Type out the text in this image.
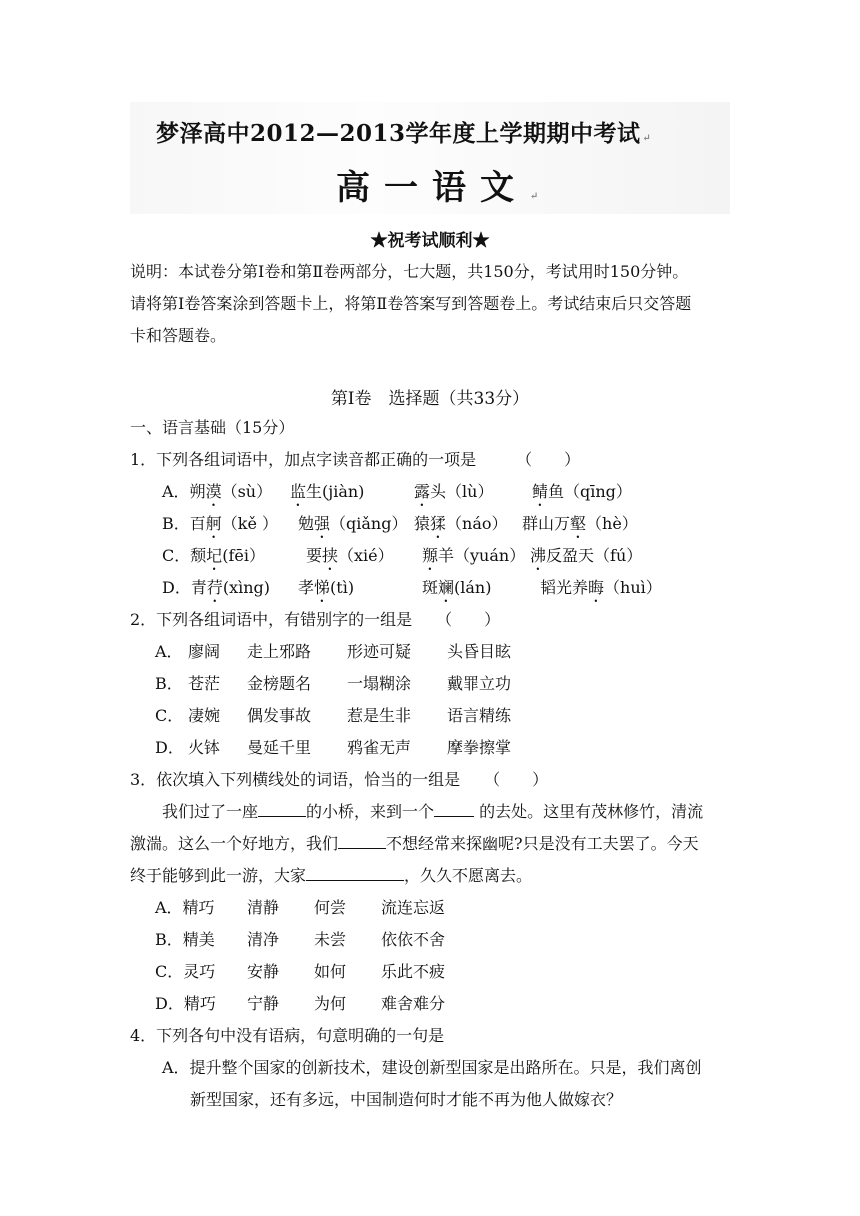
梦泽高中2012—2013学年度上学期期中考试 ↵
高一语文 ↵
★祝考试顺利★
说明：本试卷分第Ⅰ卷和第Ⅱ卷两部分，七大题，共150分，考试用时150分钟。
请将第Ⅰ卷答案涂到答题卡上，将第Ⅱ卷答案写到答题卷上。考试结束后只交答题
卡和答题卷。
第Ⅰ卷　选择题（共33分）
一、语言基础（15分）
1．下列各组词语中，加点字读音都正确的一项是　　　（　　）
A．朔漠（sù） 监生(jiàn)	露头（lù） 鲭鱼（qīng）
B．百舸（kě ） 勉强（qiǎng） 猿猱（náo） 群山万壑（hè）
C．颓圮(fēi）	要挟（xié） 羱羊（yuán） 沸反盈天（fú）
D．青荇(xìng) 孝悌(tì)	斑斓(lán)	韬光养晦（huì）
2．下列各组词语中，有错别字的一组是　　（　　）
A． 廖阔 走上邪路 形迹可疑 头昏目眩
B． 苍茫 金榜题名 一塌糊涂 戴罪立功
C． 凄婉 偶发事故 惹是生非 语言精练
D． 火钵 曼延千里 鸦雀无声 摩拳擦掌
3．依次填入下列横线处的词语，恰当的一组是　　（　　）
我们过了一座	的小桥，来到一个	的去处。这里有茂林修竹，清流
激湍。这么一个好地方，我们	不想经常来探幽呢?只是没有工夫罢了。今天
终于能够到此一游，大家	，久久不愿离去。
A．精巧 清静 何尝 流连忘返
B．精美 清净 未尝 依依不舍
C．灵巧 安静 如何 乐此不疲
D．精巧 宁静 为何 难舍难分
4．下列各句中没有语病，句意明确的一句是
A．提升整个国家的创新技术，建设创新型国家是出路所在。只是，我们离创
新型国家，还有多远，中国制造何时才能不再为他人做嫁衣？
